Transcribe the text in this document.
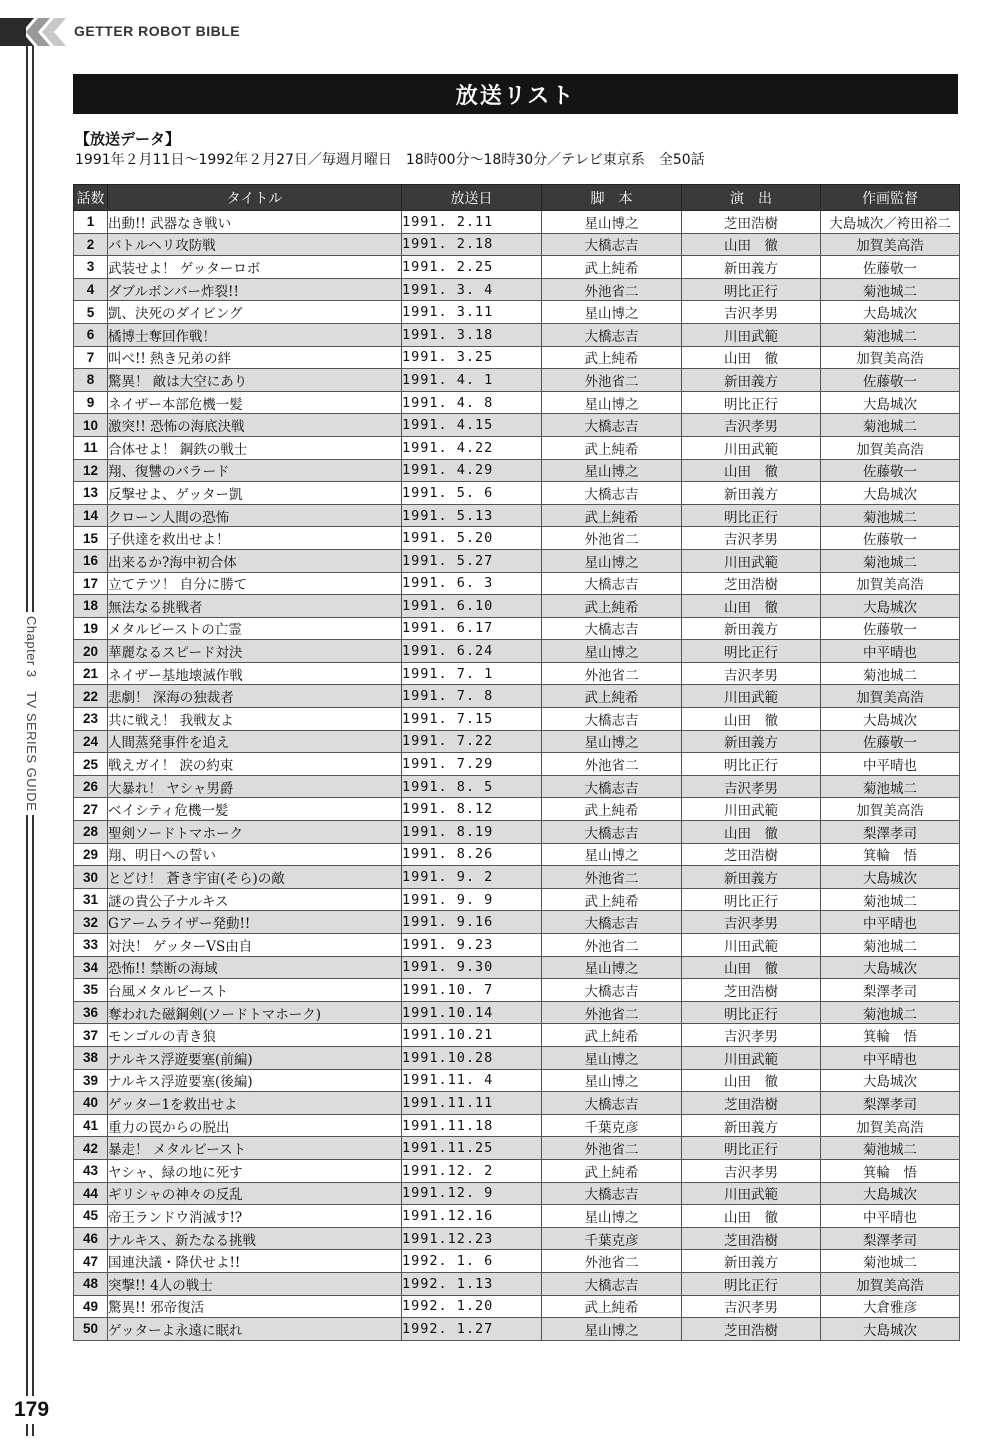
GETTER ROBOT BIBLE
Chapter 3　TV SERIES GUIDE
179
放送リスト
【放送データ】
1991年２月11日～1992年２月27日／毎週月曜日　18時00分～18時30分／テレビ東京系　全50話
話数	タイトル	放送日	脚　本	演　出	作画監督
1	出動!! 武器なき戦い	1991. 2.11	星山博之	芝田浩樹	大島城次／袴田裕二
2	バトルヘリ攻防戦	1991. 2.18	大橋志吉	山田　徹	加賀美高浩
3	武装せよ！ ゲッターロボ	1991. 2.25	武上純希	新田義方	佐藤敬一
4	ダブルボンバー炸裂!!	1991. 3. 4	外池省二	明比正行	菊池城二
5	凱、決死のダイビング	1991. 3.11	星山博之	吉沢孝男	大島城次
6	橘博士奪回作戦！	1991. 3.18	大橋志吉	川田武範	菊池城二
7	叫べ!! 熱き兄弟の絆	1991. 3.25	武上純希	山田　徹	加賀美高浩
8	驚異！ 敵は大空にあり	1991. 4. 1	外池省二	新田義方	佐藤敬一
9	ネイザー本部危機一髪	1991. 4. 8	星山博之	明比正行	大島城次
10	激突!! 恐怖の海底決戦	1991. 4.15	大橋志吉	吉沢孝男	菊池城二
11	合体せよ！ 鋼鉄の戦士	1991. 4.22	武上純希	川田武範	加賀美高浩
12	翔、復讐のバラード	1991. 4.29	星山博之	山田　徹	佐藤敬一
13	反撃せよ、ゲッター凱	1991. 5. 6	大橋志吉	新田義方	大島城次
14	クローン人間の恐怖	1991. 5.13	武上純希	明比正行	菊池城二
15	子供達を救出せよ！	1991. 5.20	外池省二	吉沢孝男	佐藤敬一
16	出来るか?海中初合体	1991. 5.27	星山博之	川田武範	菊池城二
17	立てテツ！ 自分に勝て	1991. 6. 3	大橋志吉	芝田浩樹	加賀美高浩
18	無法なる挑戦者	1991. 6.10	武上純希	山田　徹	大島城次
19	メタルビーストの亡霊	1991. 6.17	大橋志吉	新田義方	佐藤敬一
20	華麗なるスピード対決	1991. 6.24	星山博之	明比正行	中平晴也
21	ネイザー基地壊滅作戦	1991. 7. 1	外池省二	吉沢孝男	菊池城二
22	悲劇！ 深海の独裁者	1991. 7. 8	武上純希	川田武範	加賀美高浩
23	共に戦え！ 我戦友よ	1991. 7.15	大橋志吉	山田　徹	大島城次
24	人間蒸発事件を追え	1991. 7.22	星山博之	新田義方	佐藤敬一
25	戦えガイ！ 涙の約束	1991. 7.29	外池省二	明比正行	中平晴也
26	大暴れ！ ヤシャ男爵	1991. 8. 5	大橋志吉	吉沢孝男	菊池城二
27	ベイシティ危機一髪	1991. 8.12	武上純希	川田武範	加賀美高浩
28	聖剣ソードトマホーク	1991. 8.19	大橋志吉	山田　徹	梨澤孝司
29	翔、明日への誓い	1991. 8.26	星山博之	芝田浩樹	箕輪　悟
30	とどけ！ 蒼き宇宙(そら)の敵	1991. 9. 2	外池省二	新田義方	大島城次
31	謎の貴公子ナルキス	1991. 9. 9	武上純希	明比正行	菊池城二
32	Gアームライザー発動!!	1991. 9.16	大橋志吉	吉沢孝男	中平晴也
33	対決！ ゲッターVS由自	1991. 9.23	外池省二	川田武範	菊池城二
34	恐怖!! 禁断の海域	1991. 9.30	星山博之	山田　徹	大島城次
35	台風メタルビースト	1991.10. 7	大橋志吉	芝田浩樹	梨澤孝司
36	奪われた磁鋼剣(ソードトマホーク)	1991.10.14	外池省二	明比正行	菊池城二
37	モンゴルの青き狼	1991.10.21	武上純希	吉沢孝男	箕輪　悟
38	ナルキス浮遊要塞(前編)	1991.10.28	星山博之	川田武範	中平晴也
39	ナルキス浮遊要塞(後編)	1991.11. 4	星山博之	山田　徹	大島城次
40	ゲッター1を救出せよ	1991.11.11	大橋志吉	芝田浩樹	梨澤孝司
41	重力の罠からの脱出	1991.11.18	千葉克彦	新田義方	加賀美高浩
42	暴走！ メタルビースト	1991.11.25	外池省二	明比正行	菊池城二
43	ヤシャ、緑の地に死す	1991.12. 2	武上純希	吉沢孝男	箕輪　悟
44	ギリシャの神々の反乱	1991.12. 9	大橋志吉	川田武範	大島城次
45	帝王ランドウ消滅す!?	1991.12.16	星山博之	山田　徹	中平晴也
46	ナルキス、新たなる挑戦	1991.12.23	千葉克彦	芝田浩樹	梨澤孝司
47	国連決議・降伏せよ!!	1992. 1. 6	外池省二	新田義方	菊池城二
48	突撃!! 4人の戦士	1992. 1.13	大橋志吉	明比正行	加賀美高浩
49	驚異!! 邪帝復活	1992. 1.20	武上純希	吉沢孝男	大倉雅彦
50	ゲッターよ永遠に眠れ	1992. 1.27	星山博之	芝田浩樹	大島城次
